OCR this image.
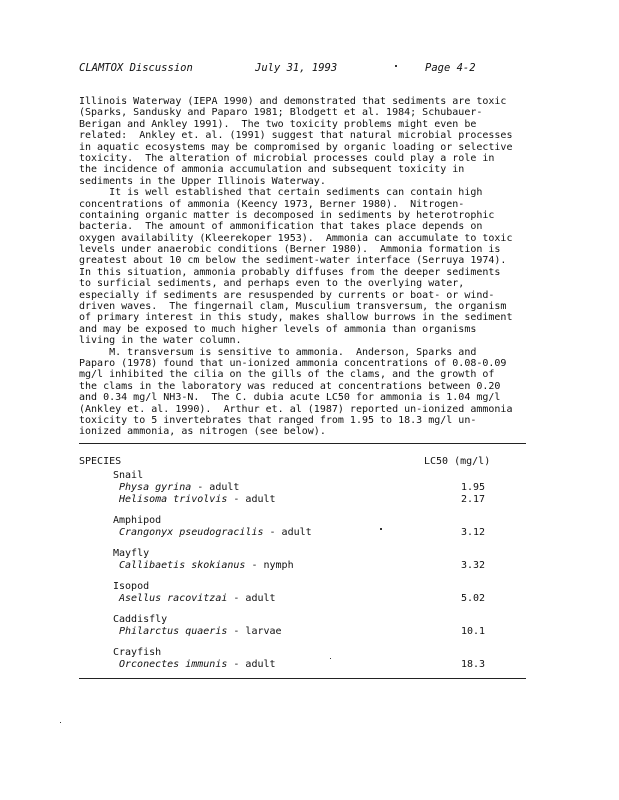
CLAMTOX Discussion	July 31, 1993	Page 4-2
Illinois Waterway (IEPA 1990) and demonstrated that sediments are toxic
(Sparks, Sandusky and Paparo 1981; Blodgett et al. 1984; Schubauer-
Berigan and Ankley 1991).  The two toxicity problems might even be
related:  Ankley et. al. (1991) suggest that natural microbial processes
in aquatic ecosystems may be compromised by organic loading or selective
toxicity.  The alteration of microbial processes could play a role in
the incidence of ammonia accumulation and subsequent toxicity in
sediments in the Upper Illinois Waterway.
It is well established that certain sediments can contain high
concentrations of ammonia (Keency 1973, Berner 1980).  Nitrogen-
containing organic matter is decomposed in sediments by heterotrophic
bacteria.  The amount of ammonification that takes place depends on
oxygen availability (Kleerekoper 1953).  Ammonia can accumulate to toxic
levels under anaerobic conditions (Berner 1980).  Ammonia formation is
greatest about 10 cm below the sediment-water interface (Serruya 1974).
In this situation, ammonia probably diffuses from the deeper sediments
to surficial sediments, and perhaps even to the overlying water,
especially if sediments are resuspended by currents or boat- or wind-
driven waves.  The fingernail clam, Musculium transversum, the organism
of primary interest in this study, makes shallow burrows in the sediment
and may be exposed to much higher levels of ammonia than organisms
living in the water column.
M. transversum is sensitive to ammonia.  Anderson, Sparks and
Paparo (1978) found that un-ionized ammonia concentrations of 0.08-0.09
mg/l inhibited the cilia on the gills of the clams, and the growth of
the clams in the laboratory was reduced at concentrations between 0.20
and 0.34 mg/l NH3-N.  The C. dubia acute LC50 for ammonia is 1.04 mg/l
(Ankley et. al. 1990).  Arthur et. al (1987) reported un-ionized ammonia
toxicity to 5 invertebrates that ranged from 1.95 to 18.3 mg/l un-
ionized ammonia, as nitrogen (see below).
SPECIES	LC50 (mg/l)
Snail
Physa gyrina - adult	1.95
Helisoma trivolvis - adult	2.17
Amphipod
Crangonyx pseudogracilis - adult	3.12
Mayfly
Callibaetis skokianus - nymph	3.32
Isopod
Asellus racovitzai - adult	5.02
Caddisfly
Philarctus quaeris - larvae	10.1
Crayfish
Orconectes immunis - adult	18.3
